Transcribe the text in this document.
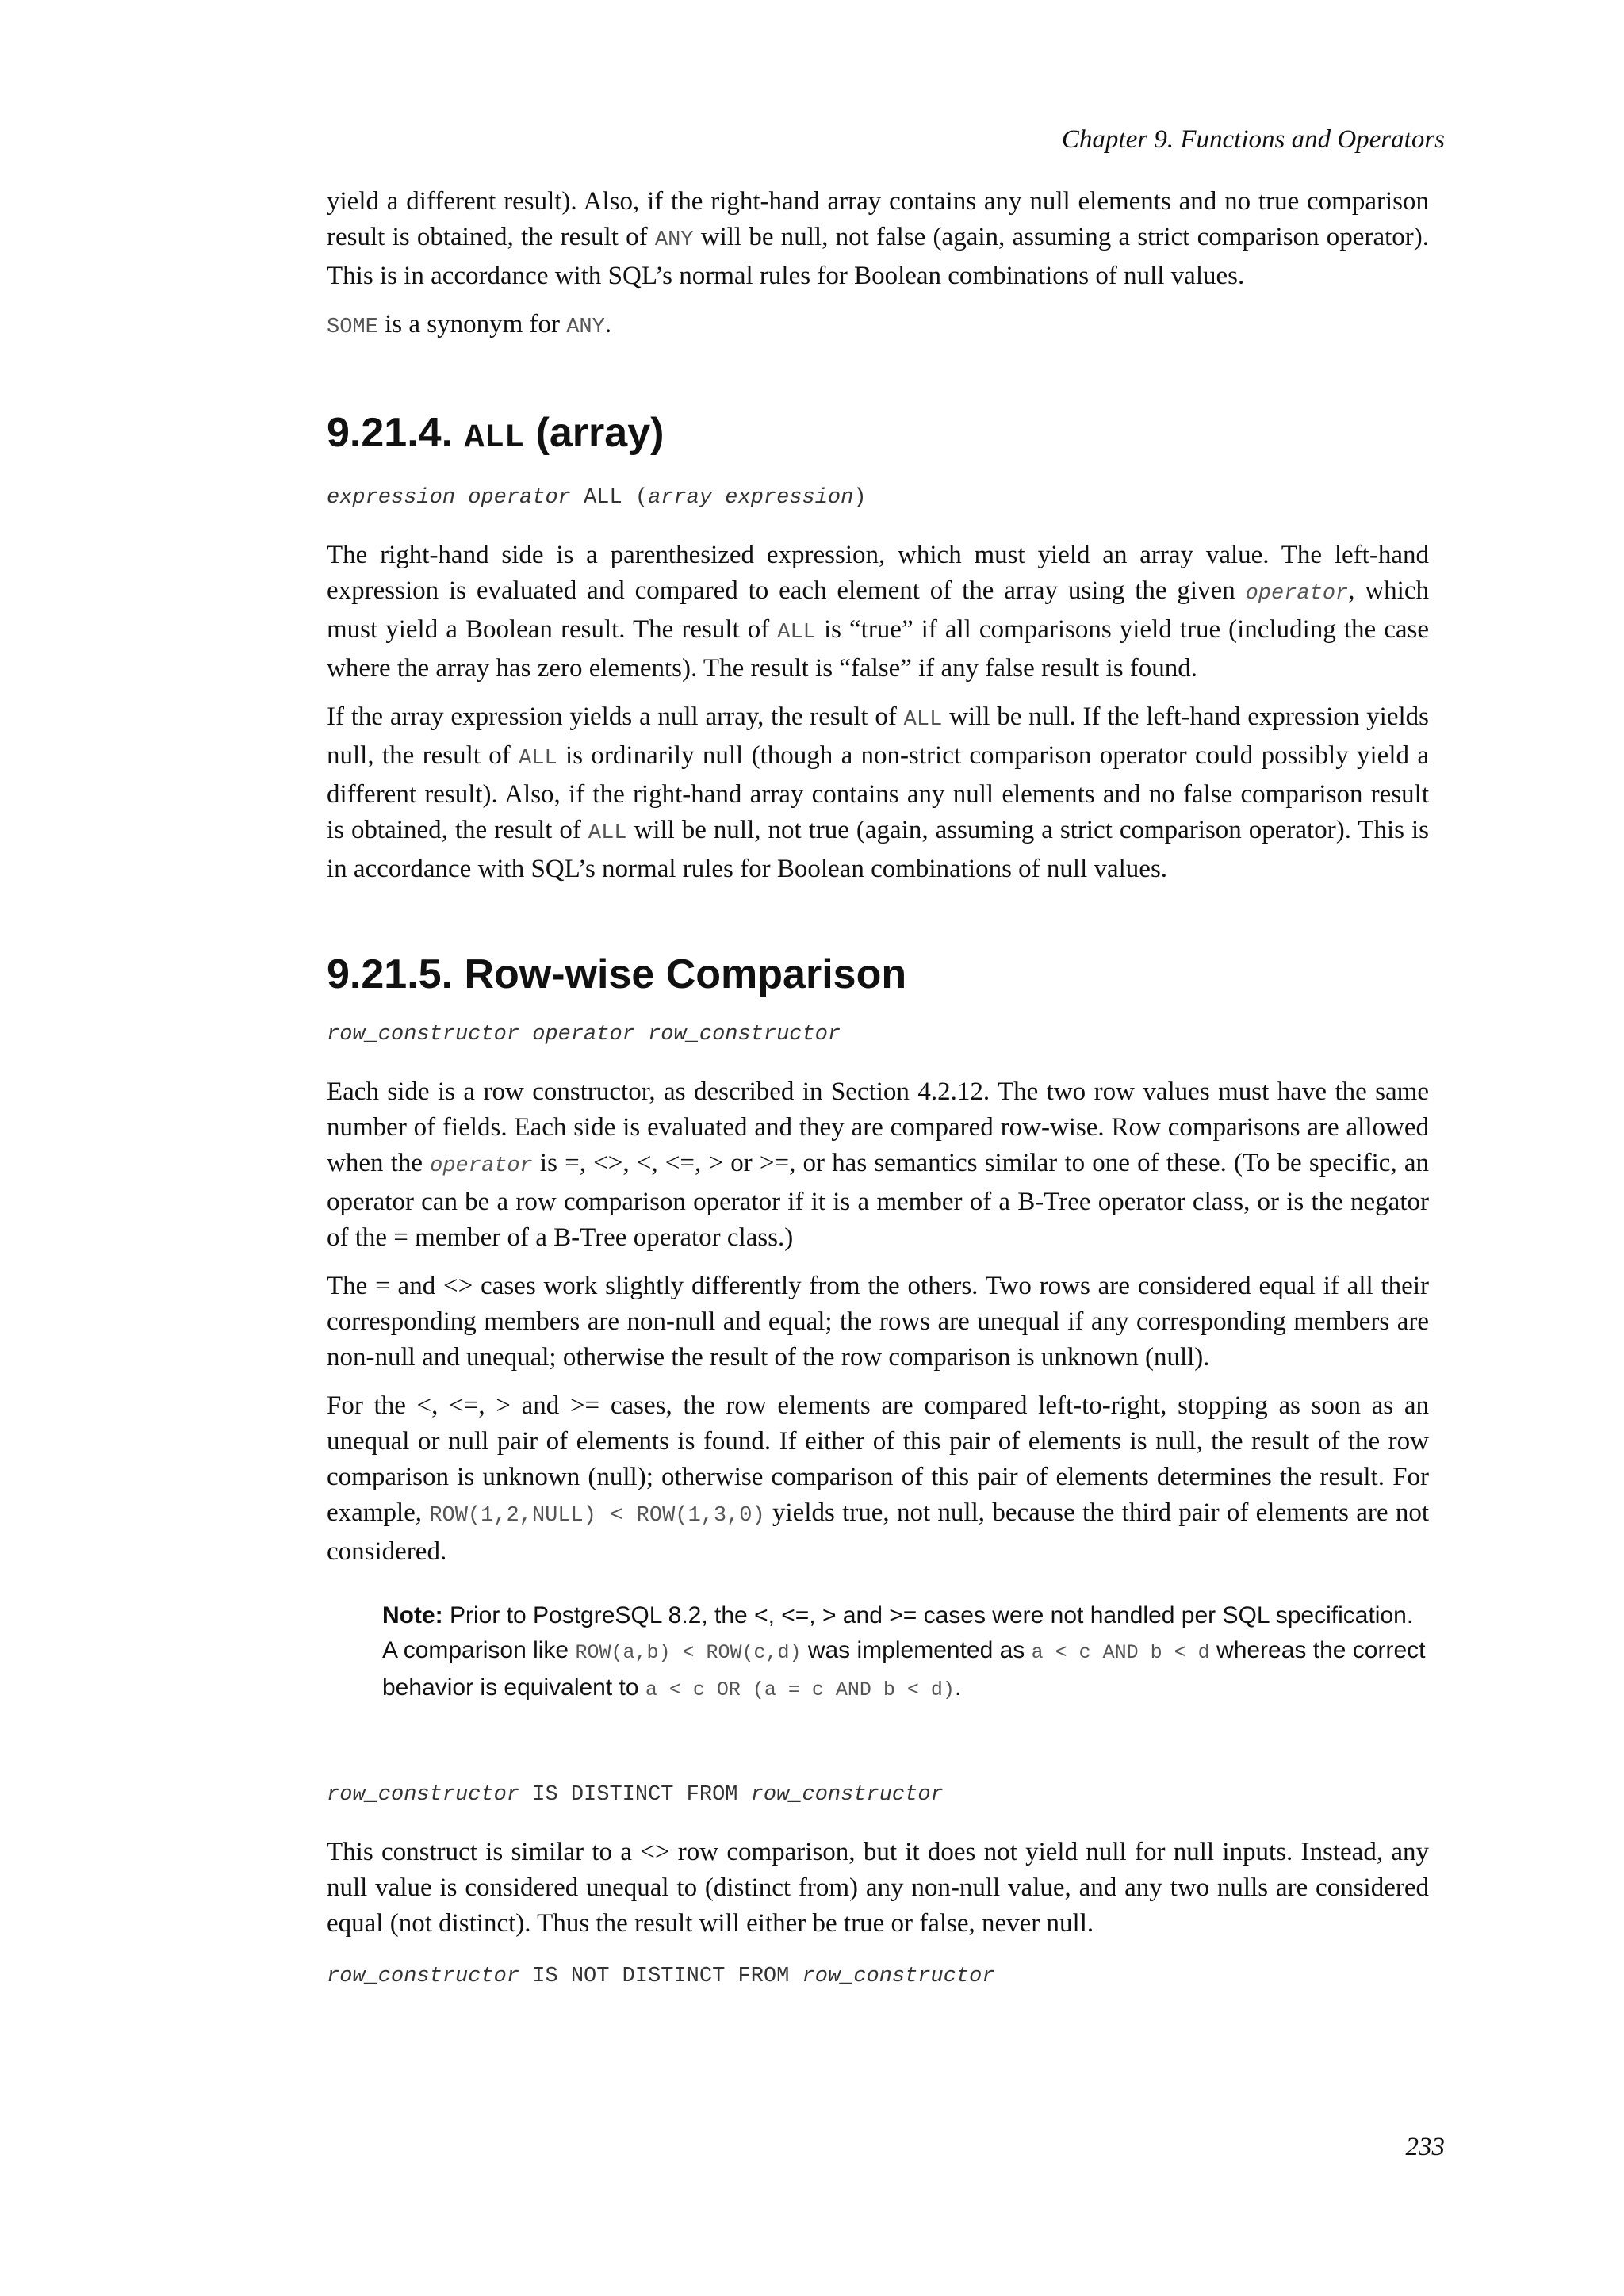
Chapter 9. Functions and Operators

yield a different result). Also, if the right-hand array contains any null elements and no true comparison result is obtained, the result of ANY will be null, not false (again, assuming a strict comparison operator). This is in accordance with SQL’s normal rules for Boolean combinations of null values.

SOME is a synonym for ANY.

9.21.4. ALL (array)
expression operator ALL (array expression)

The right-hand side is a parenthesized expression, which must yield an array value. The left-hand expression is evaluated and compared to each element of the array using the given operator, which must yield a Boolean result. The result of ALL is “true” if all comparisons yield true (including the case where the array has zero elements). The result is “false” if any false result is found.

If the array expression yields a null array, the result of ALL will be null. If the left-hand expression yields null, the result of ALL is ordinarily null (though a non-strict comparison operator could possibly yield a different result). Also, if the right-hand array contains any null elements and no false comparison result is obtained, the result of ALL will be null, not true (again, assuming a strict comparison operator). This is in accordance with SQL’s normal rules for Boolean combinations of null values.

9.21.5. Row-wise Comparison
row_constructor operator row_constructor

Each side is a row constructor, as described in Section 4.2.12. The two row values must have the same number of fields. Each side is evaluated and they are compared row-wise. Row comparisons are allowed when the operator is =, <>, <, <=, > or >=, or has semantics similar to one of these. (To be specific, an operator can be a row comparison operator if it is a member of a B-Tree operator class, or is the negator of the = member of a B-Tree operator class.)

The = and <> cases work slightly differently from the others. Two rows are considered equal if all their corresponding members are non-null and equal; the rows are unequal if any corresponding members are non-null and unequal; otherwise the result of the row comparison is unknown (null).

For the <, <=, > and >= cases, the row elements are compared left-to-right, stopping as soon as an unequal or null pair of elements is found. If either of this pair of elements is null, the result of the row comparison is unknown (null); otherwise comparison of this pair of elements determines the result. For example, ROW(1,2,NULL) < ROW(1,3,0) yields true, not null, because the third pair of elements are not considered.

Note: Prior to PostgreSQL 8.2, the <, <=, > and >= cases were not handled per SQL specification. A comparison like ROW(a,b) < ROW(c,d) was implemented as a < c AND b < d whereas the correct behavior is equivalent to a < c OR (a = c AND b < d).
row_constructor IS DISTINCT FROM row_constructor

This construct is similar to a <> row comparison, but it does not yield null for null inputs. Instead, any null value is considered unequal to (distinct from) any non-null value, and any two nulls are considered equal (not distinct). Thus the result will either be true or false, never null.

row_constructor IS NOT DISTINCT FROM row_constructor
233
